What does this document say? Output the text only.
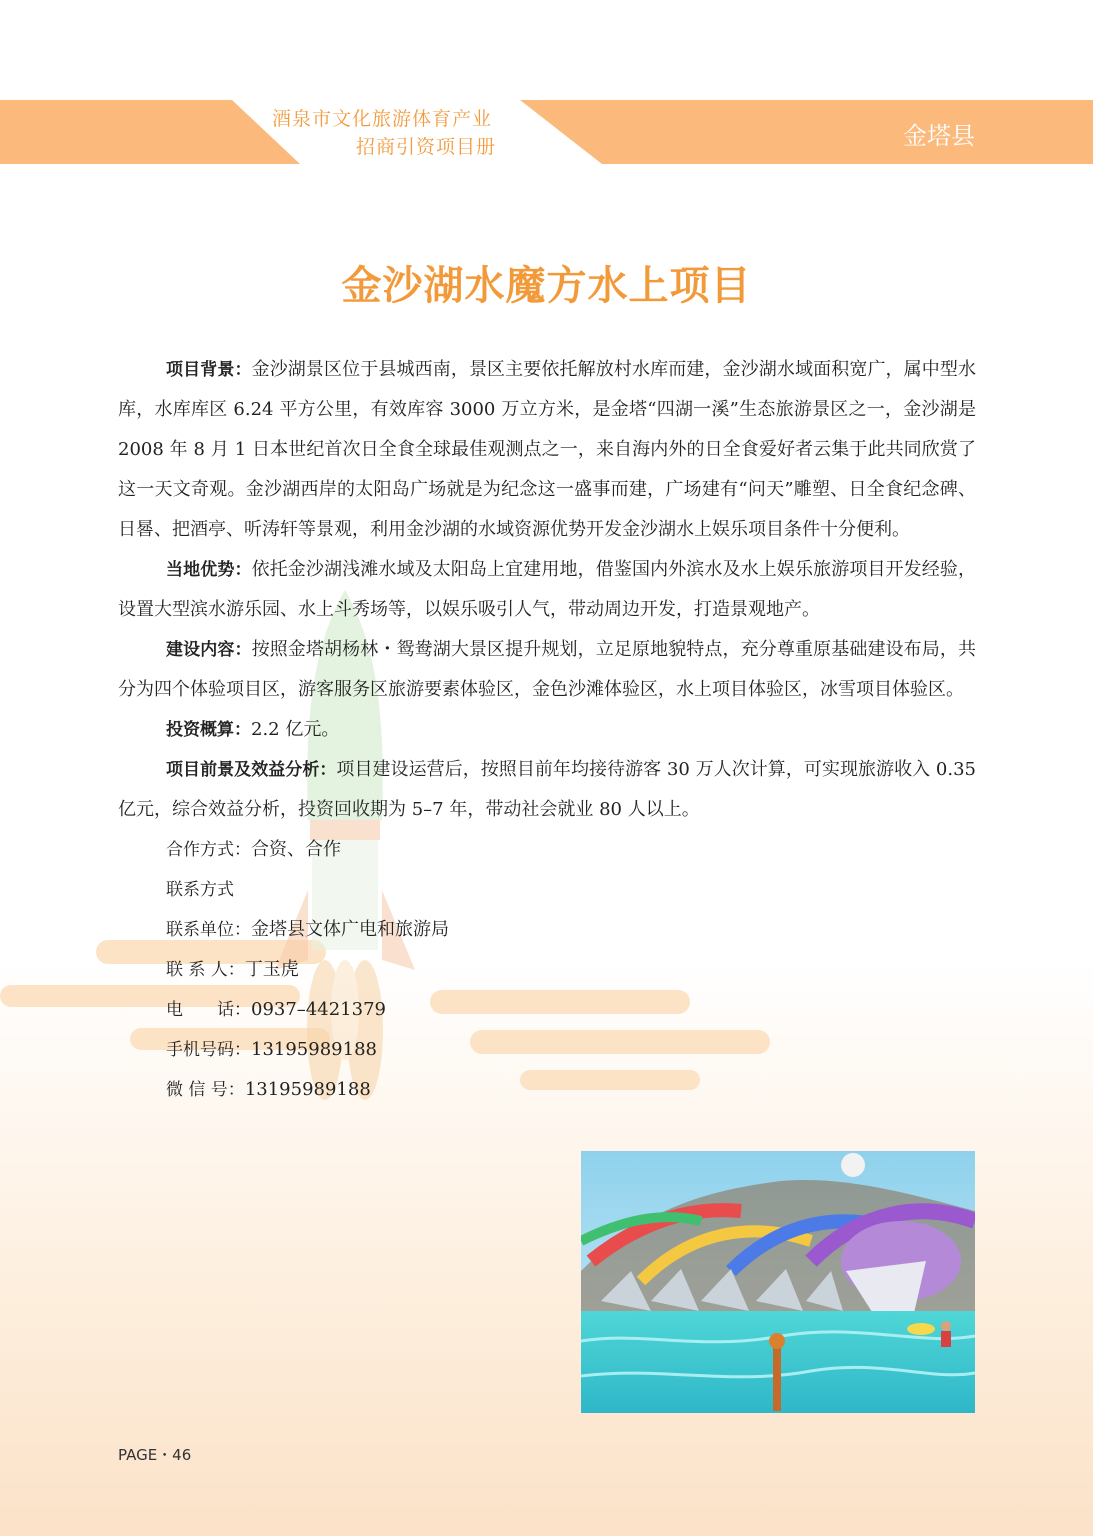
酒泉市文化旅游体育产业
招商引资项目册	金塔县
金沙湖水魔方水上项目

项目背景：金沙湖景区位于县城西南，景区主要依托解放村水库而建，金沙湖水域面积宽广，属中型水库，水库库区 6.24 平方公里，有效库容 3000 万立方米，是金塔“四湖一溪”生态旅游景区之一，金沙湖是 2008 年 8 月 1 日本世纪首次日全食全球最佳观测点之一，来自海内外的日全食爱好者云集于此共同欣赏了这一天文奇观。金沙湖西岸的太阳岛广场就是为纪念这一盛事而建，广场建有“问天”雕塑、日全食纪念碑、日晷、把酒亭、听涛轩等景观，利用金沙湖的水域资源优势开发金沙湖水上娱乐项目条件十分便利。

当地优势：依托金沙湖浅滩水域及太阳岛上宜建用地，借鉴国内外滨水及水上娱乐旅游项目开发经验，设置大型滨水游乐园、水上斗秀场等，以娱乐吸引人气，带动周边开发，打造景观地产。

建设内容：按照金塔胡杨林・鸳鸯湖大景区提升规划，立足原地貌特点，充分尊重原基础建设布局，共分为四个体验项目区，游客服务区旅游要素体验区，金色沙滩体验区，水上项目体验区，冰雪项目体验区。

投资概算：2.2 亿元。

项目前景及效益分析：项目建设运营后，按照目前年均接待游客 30 万人次计算，可实现旅游收入 0.35 亿元，综合效益分析，投资回收期为 5–7 年，带动社会就业 80 人以上。

合作方式：合资、合作
联系方式
联系单位：金塔县文体广电和旅游局
联 系 人：丁玉虎
电　　话：0937–4421379
手机号码：13195989188
微 信 号：13195989188
PAGE・46
